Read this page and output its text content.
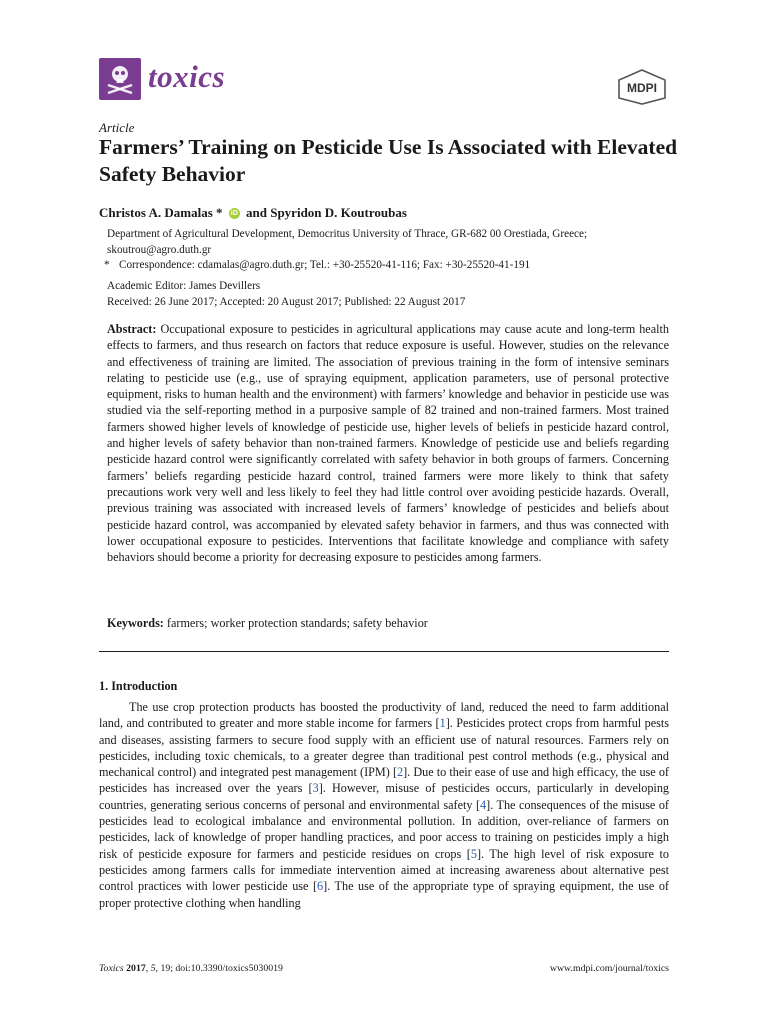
toxics	MDPI
Article
Farmers’ Training on Pesticide Use Is Associated with Elevated Safety Behavior
Christos A. Damalas * iD and Spyridon D. Koutroubas
Department of Agricultural Development, Democritus University of Thrace, GR-682 00 Orestiada, Greece; skoutrou@agro.duth.gr
* Correspondence: cdamalas@agro.duth.gr; Tel.: +30-25520-41-116; Fax: +30-25520-41-191
Academic Editor: James Devillers
Received: 26 June 2017; Accepted: 20 August 2017; Published: 22 August 2017

Abstract: Occupational exposure to pesticides in agricultural applications may cause acute and long-term health effects to farmers, and thus research on factors that reduce exposure is useful. However, studies on the relevance and effectiveness of training are limited. The association of previous training in the form of intensive seminars relating to pesticide use (e.g., use of spraying equipment, application parameters, use of personal protective equipment, risks to human health and the environment) with farmers’ knowledge and behavior in pesticide use was studied via the self-reporting method in a purposive sample of 82 trained and non-trained farmers. Most trained farmers showed higher levels of knowledge of pesticide use, higher levels of beliefs in pesticide hazard control, and higher levels of safety behavior than non-trained farmers. Knowledge of pesticide use and beliefs regarding pesticide hazard control were significantly correlated with safety behavior in both groups of farmers. Concerning farmers’ beliefs regarding pesticide hazard control, trained farmers were more likely to think that safety precautions work very well and less likely to feel they had little control over avoiding pesticide hazards. Overall, previous training was associated with increased levels of farmers’ knowledge of pesticides and beliefs about pesticide hazard control, was accompanied by elevated safety behavior in farmers, and thus was connected with lower occupational exposure to pesticides. Interventions that facilitate knowledge and compliance with safety behaviors should become a priority for decreasing exposure to pesticides among farmers.

Keywords: farmers; worker protection standards; safety behavior
1. Introduction

The use crop protection products has boosted the productivity of land, reduced the need to farm additional land, and contributed to greater and more stable income for farmers [1]. Pesticides protect crops from harmful pests and diseases, assisting farmers to secure food supply with an efficient use of natural resources. Farmers rely on pesticides, including toxic chemicals, to a greater degree than traditional pest control methods (e.g., physical and mechanical control) and integrated pest management (IPM) [2]. Due to their ease of use and high efficacy, the use of pesticides has increased over the years [3]. However, misuse of pesticides occurs, particularly in developing countries, generating serious concerns of personal and environmental safety [4]. The consequences of the misuse of pesticides lead to ecological imbalance and environmental pollution. In addition, over-reliance of farmers on pesticides, lack of knowledge of proper handling practices, and poor access to training on pesticides imply a high risk of pesticide exposure for farmers and pesticide residues on crops [5]. The high level of risk exposure to pesticides among farmers calls for immediate intervention aimed at increasing awareness about alternative pest control practices with lower pesticide use [6]. The use of the appropriate type of spraying equipment, the use of proper protective clothing when handling

Toxics 2017, 5, 19; doi:10.3390/toxics5030019	www.mdpi.com/journal/toxics
